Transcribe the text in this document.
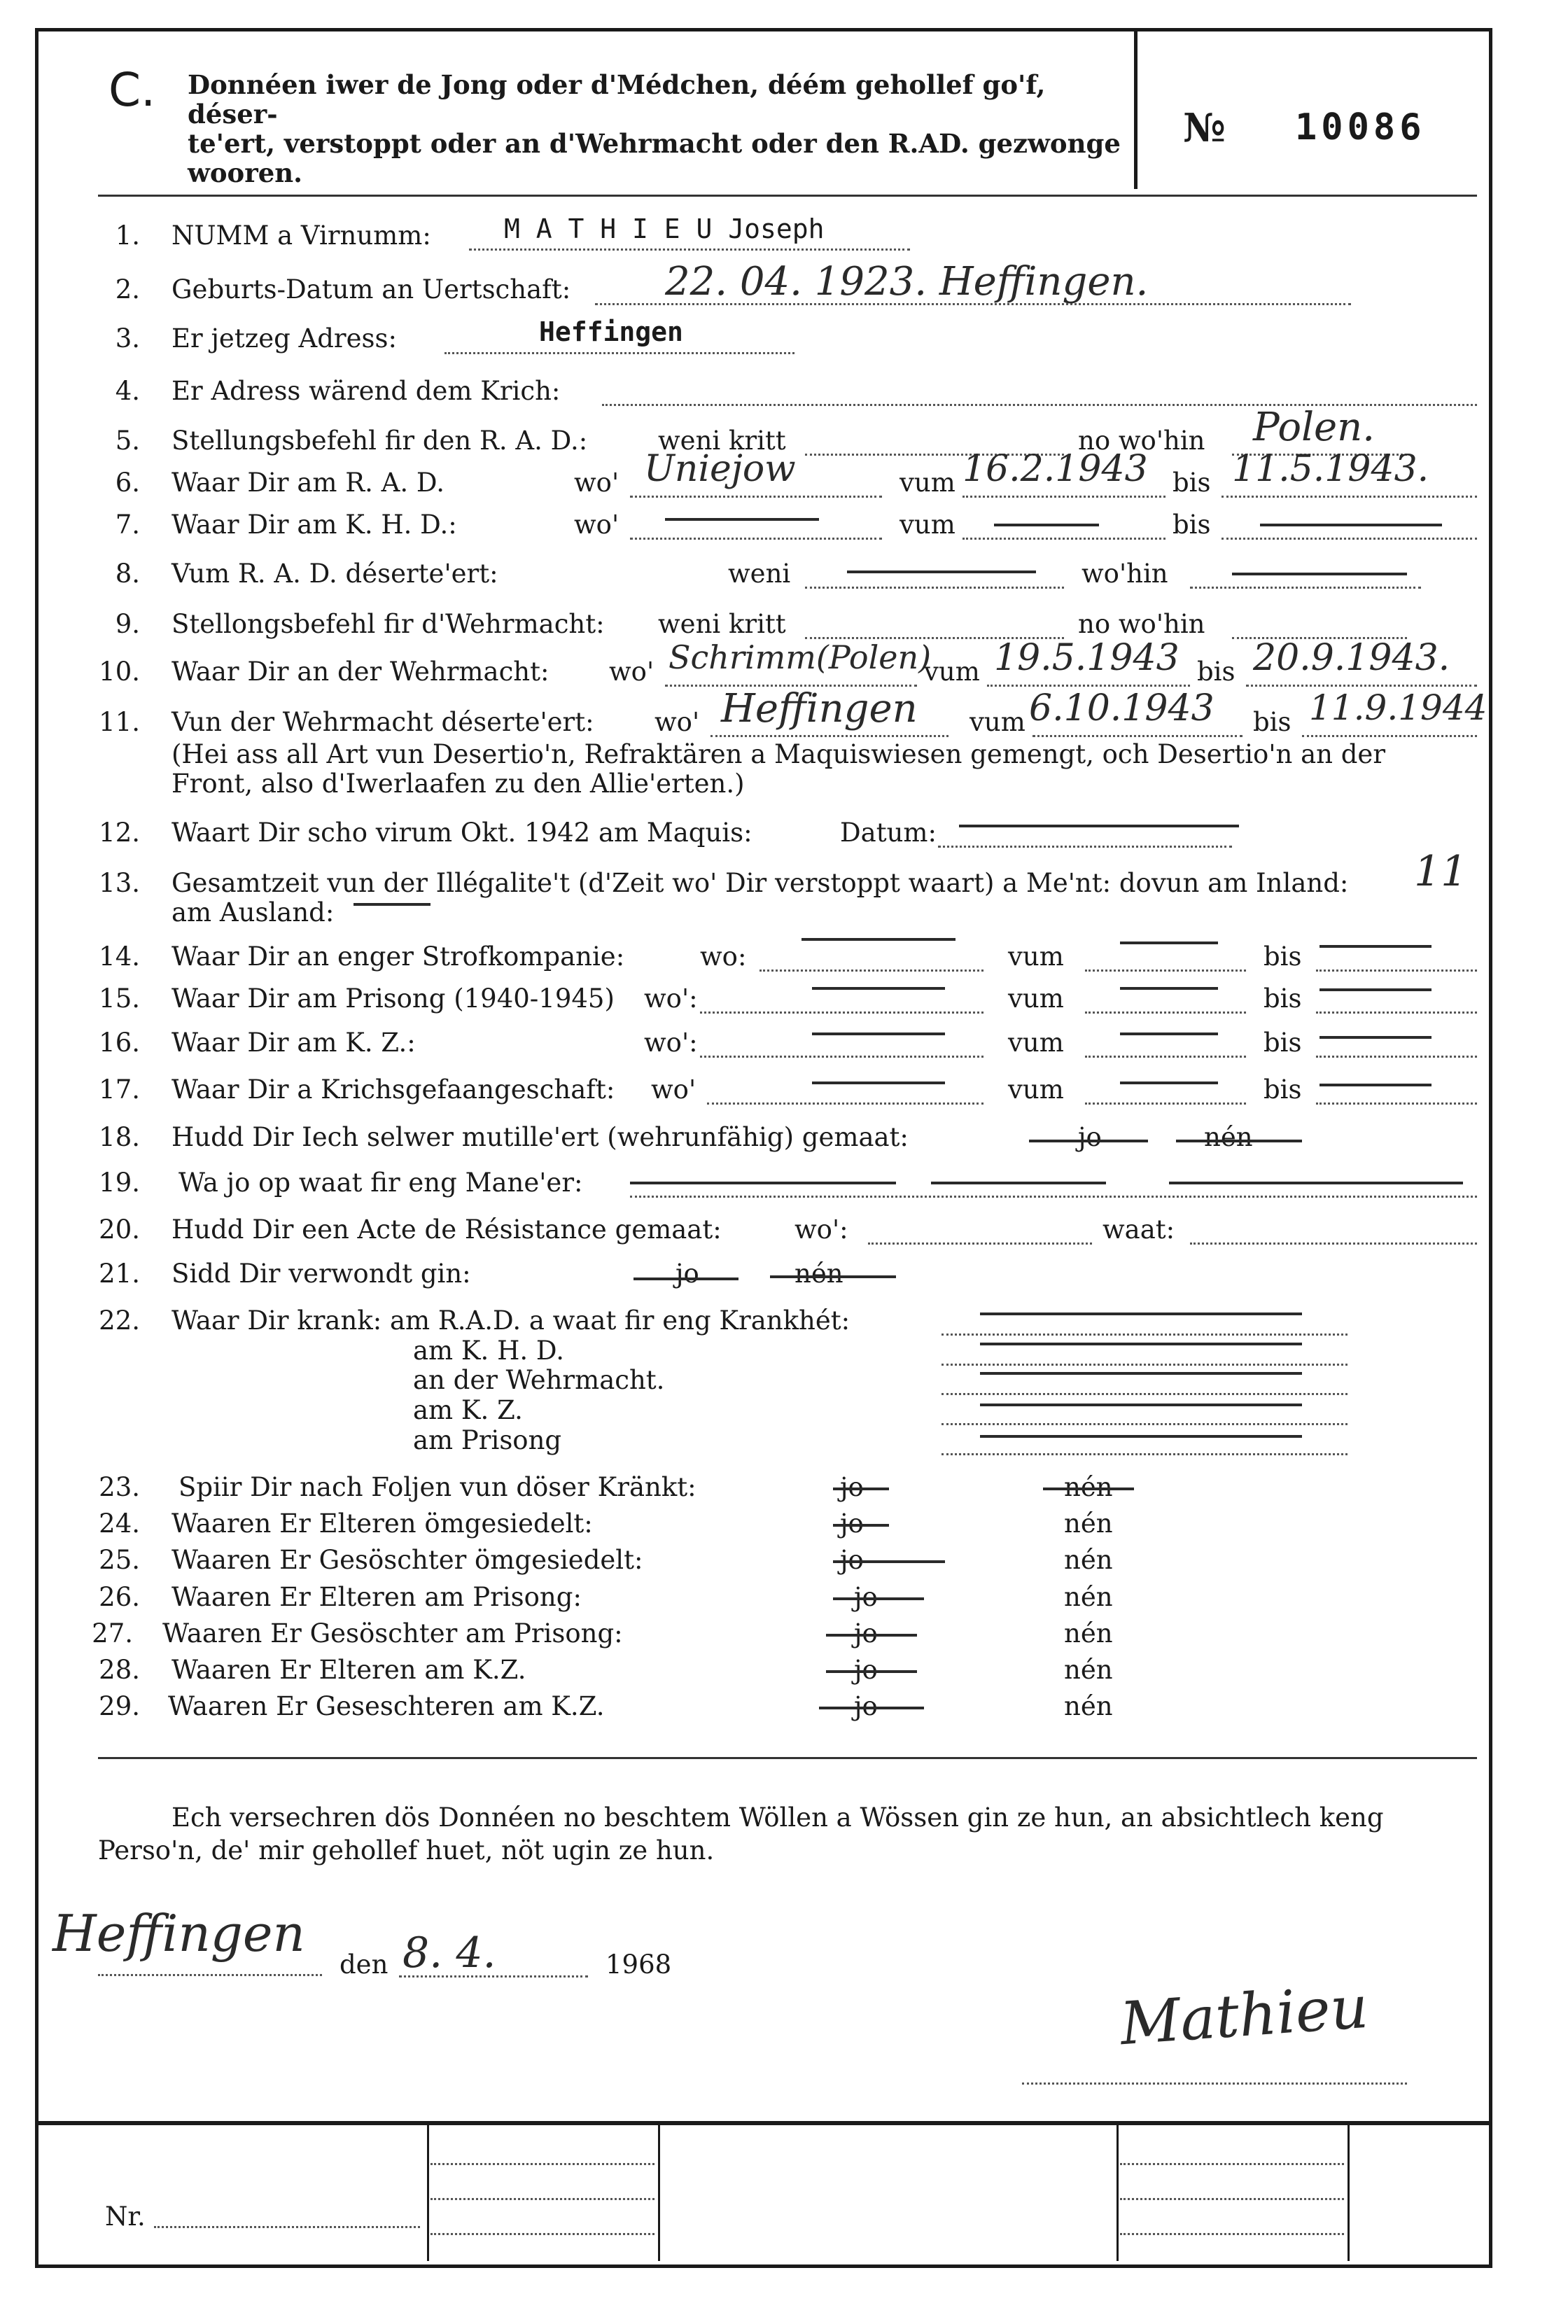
C. Donnéen iwer de Jong oder d'Médchen, déém gehollef go'f, déser-
te'ert, verstoppt oder an d'Wehrmacht oder den R.AD. gezwonge
wooren.
№ 10086
1. NUMM a Virnumm:	M A T H I E U Joseph
2. Geburts-Datum an Uertschaft: 22. 04. 1923. Heffingen.
3. Er jetzeg Adress:	Heffingen
4. Er Adress wärend dem Krich:
5. Stellungsbefehl fir den R. A. D.:	weni kritt	no wo'hin Polen.
6. Waar Dir am R. A. D.	wo' Uniejow	vum 16.2.1943 bis 11.5.1943.
7. Waar Dir am K. H. D.:	wo'	vum	bis
8. Vum R. A. D. déserte'ert:	weni	wo'hin
9. Stellongsbefehl fir d'Wehrmacht: weni kritt	no wo'hin
10. Waar Dir an der Wehrmacht: wo' Schrimm(Polen)
vum 19.5.1943 bis 20.9.1943.
11. Vun der Wehrmacht déserte'ert: wo' Heffingen vum 6.10.1943 bis 11.9.1944
(Hei ass all Art vun Desertio'n, Refraktären a Maquiswiesen gemengt, och Desertio'n an der
Front, also d'Iwerlaafen zu den Allie'erten.)
12. Waart Dir scho virum Okt. 1942 am Maquis:	Datum:
13. Gesamtzeit vun der Illégalite't (d'Zeit wo' Dir verstoppt waart) a Me'nt: dovun am Inland: 11
am Ausland:
14. Waar Dir an enger Strofkompanie:	wo:	vum	bis
15. Waar Dir am Prisong (1940-1945) wo':	vum	bis
16. Waar Dir am K. Z.:	wo':	vum	bis
17. Waar Dir a Krichsgefaangeschaft: wo'	vum	bis
18. Hudd Dir Iech selwer mutille'ert (wehrunfähig) gemaat:	jo	nén
19. Wa jo op waat fir eng Mane'er:
20. Hudd Dir een Acte de Résistance gemaat:	wo':	waat:
21. Sidd Dir verwondt gin:	jo	nén
22. Waar Dir krank: am R.A.D. a waat fir eng Krankhét:
am K. H. D.
an der Wehrmacht.
am K. Z.
am Prisong
23. Spiir Dir nach Foljen vun döser Kränkt:	jo	nén
24. Waaren Er Elteren ömgesiedelt:	jo	nén
25. Waaren Er Gesöschter ömgesiedelt:	jo	nén
26. Waaren Er Elteren am Prisong:	jo	nén
27. Waaren Er Gesöschter am Prisong:	jo	nén
28. Waaren Er Elteren am K.Z.	jo	nén
29. Waaren Er Geseschteren am K.Z.	jo	nén
Ech versechren dös Donnéen no beschtem Wöllen a Wössen gin ze hun, an absichtlech keng
Perso'n, de' mir gehollef huet, nöt ugin ze hun.
Heffingen
den 8. 4.	1968
Mathieu
Nr.
